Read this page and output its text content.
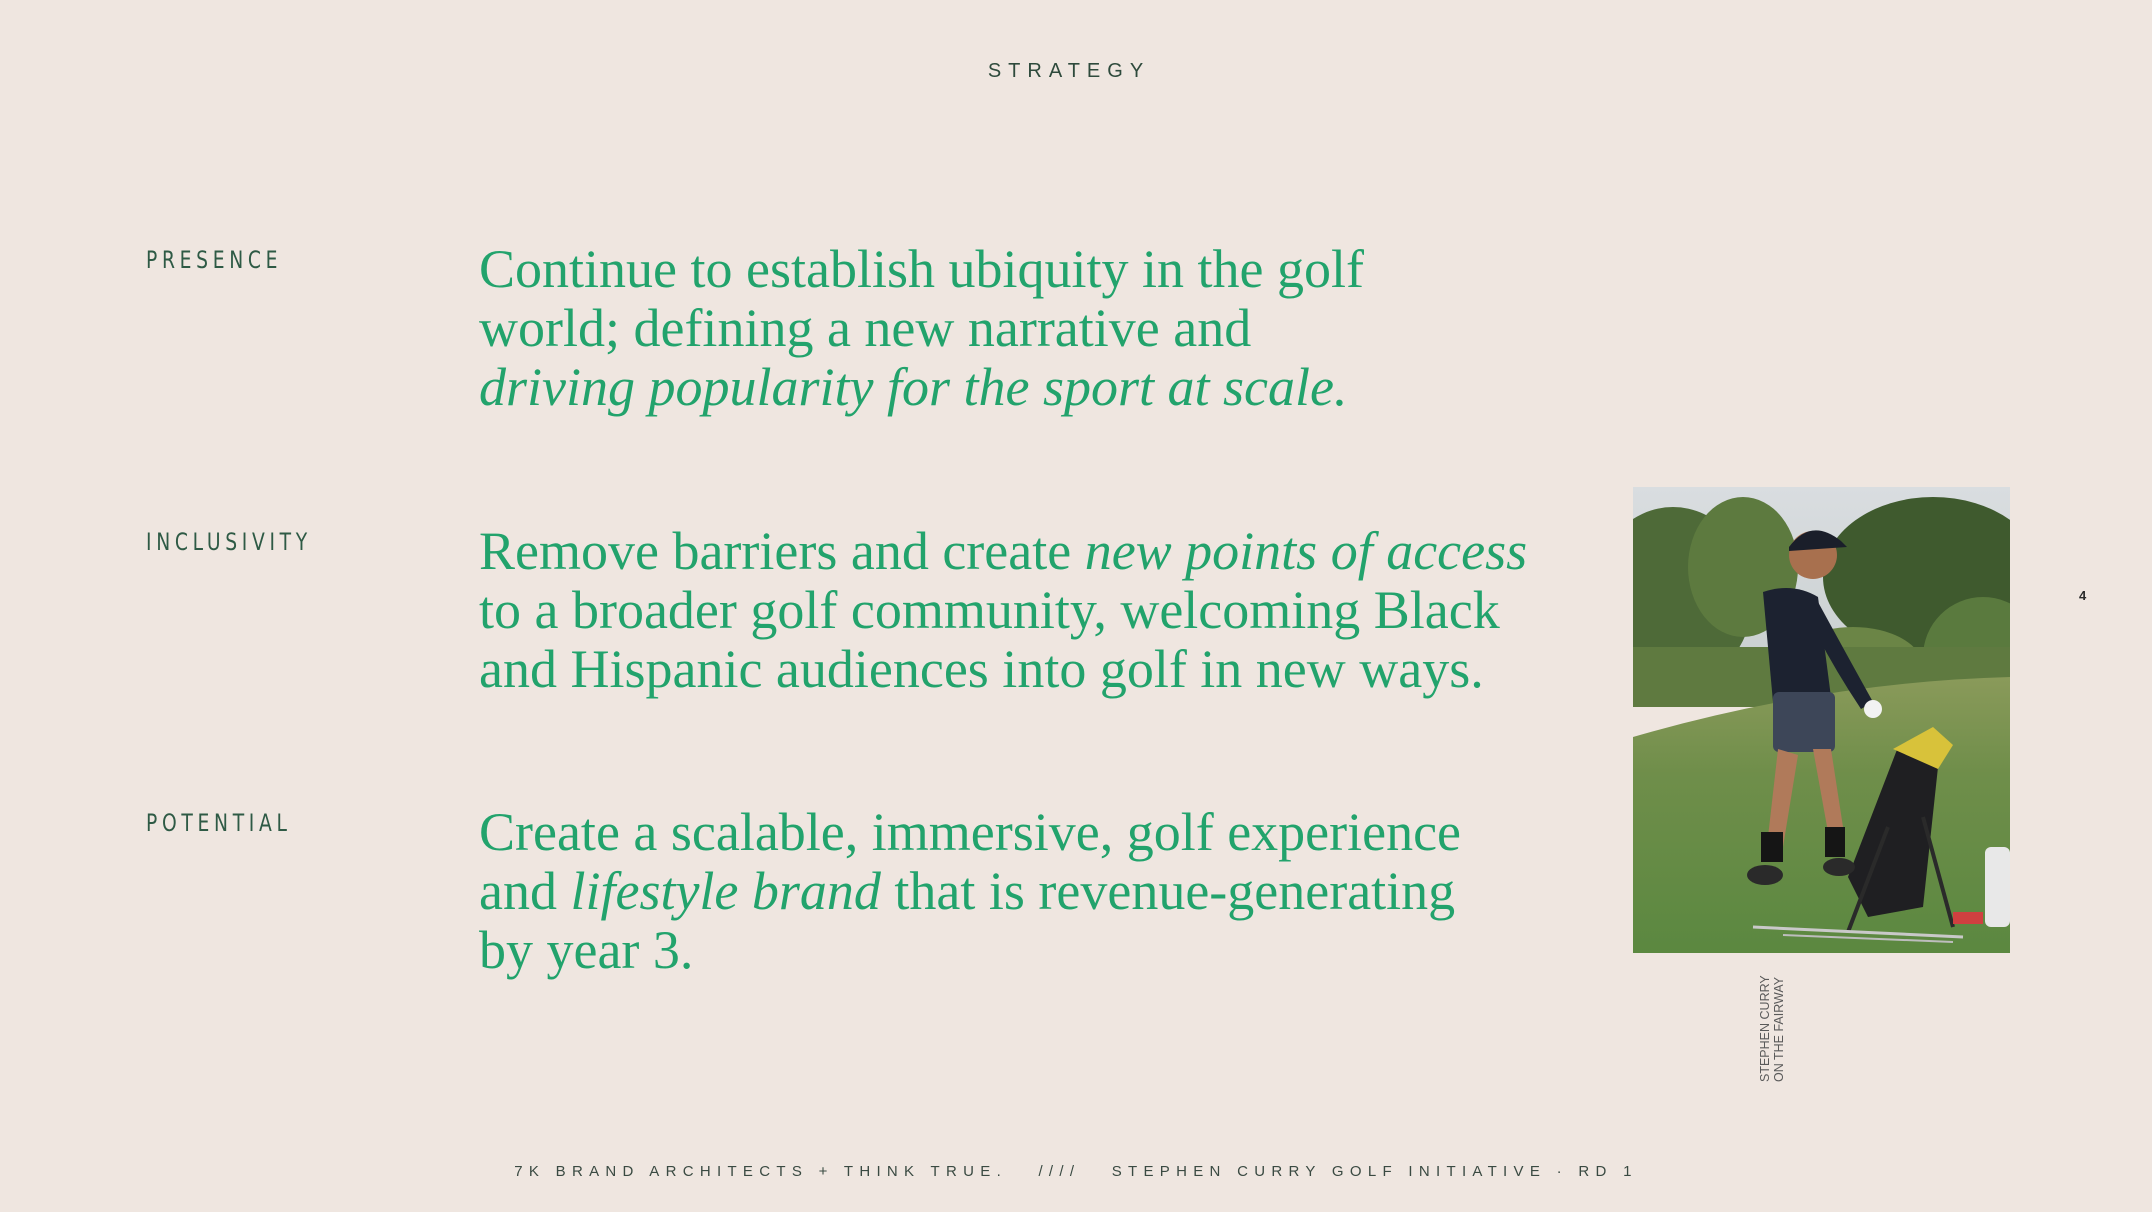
STRATEGY
PRESENCE	Continue to establish ubiquity in the golf
world; defining a new narrative and
driving popularity for the sport at scale.
INCLUSIVITY	Remove barriers and create new points of access
to a broader golf community, welcoming Black
and Hispanic audiences into golf in new ways.
POTENTIAL	Create a scalable, immersive, golf experience
and lifestyle brand that is revenue-generating
by year 3.
STEPHEN CURRY
ON THE FAIRWAY
4
7K BRAND ARCHITECTS + THINK TRUE.   ////   STEPHEN CURRY GOLF INITIATIVE · RD 1
